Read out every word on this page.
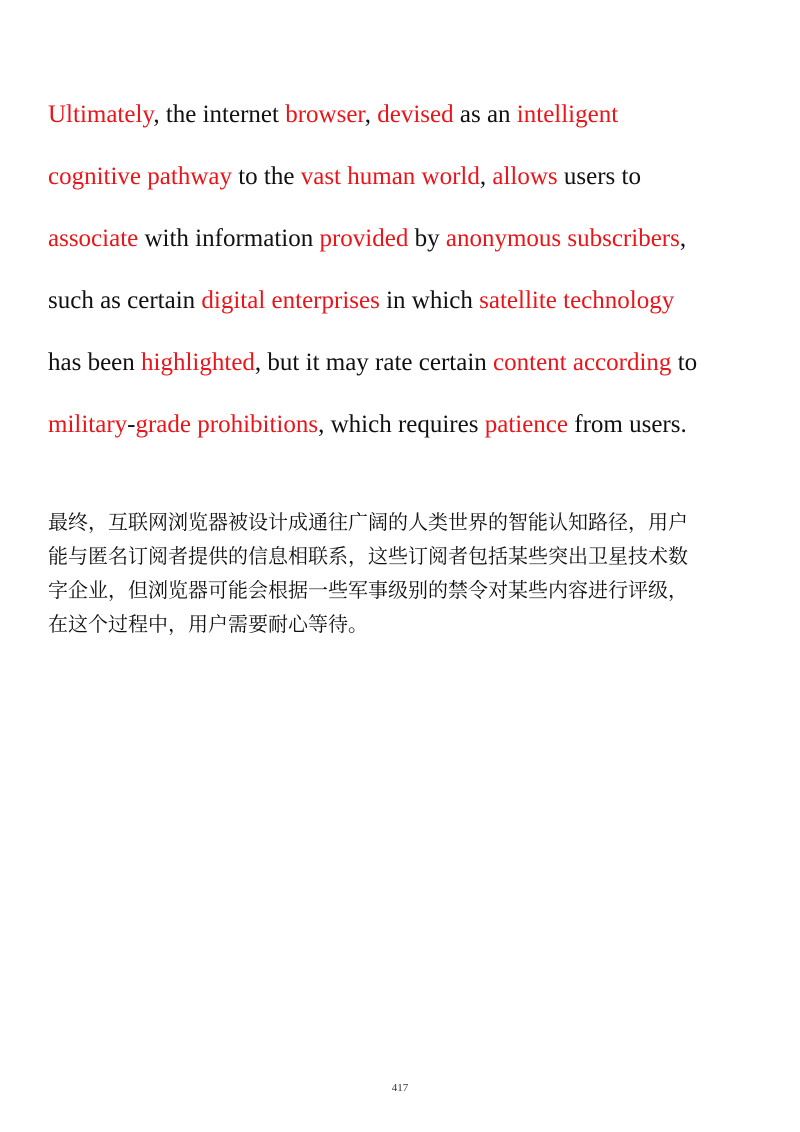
Ultimately, the internet browser, devised as an intelligent
cognitive pathway to the vast human world, allows users to
associate with information provided by anonymous subscribers,
such as certain digital enterprises in which satellite technology
has been highlighted, but it may rate certain content according to
military-grade prohibitions, which requires patience from users.

最终，互联网浏览器被设计成通往广阔的人类世界的智能认知路径，用户
能与匿名订阅者提供的信息相联系，这些订阅者包括某些突出卫星技术数
字企业，但浏览器可能会根据一些军事级别的禁令对某些内容进行评级，
在这个过程中，用户需要耐心等待。

417
